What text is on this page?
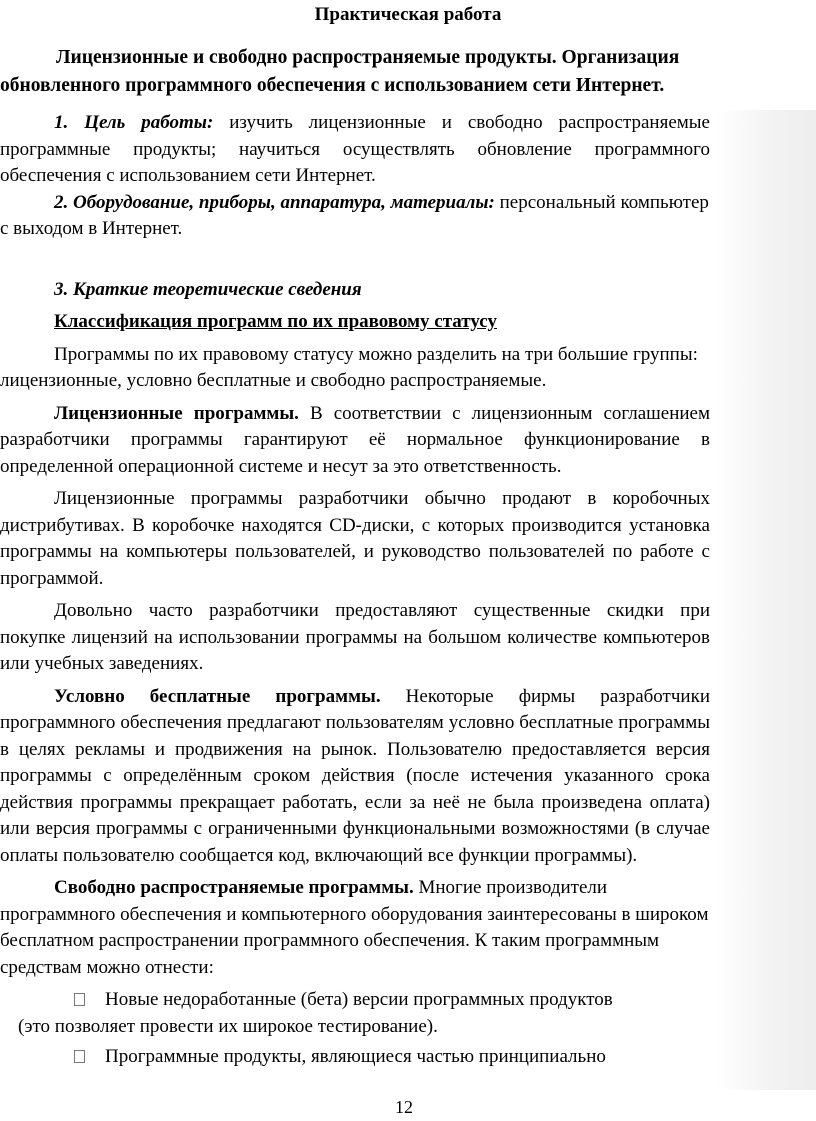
Практическая работа
Лицензионные и свободно распространяемые продукты. Организация обновленного программного обеспечения с использованием сети Интернет.

1. Цель работы: изучить лицензионные и свободно распространяемые программные продукты; научиться осуществлять обновление программного обеспечения с использованием сети Интернет.

2. Оборудование, приборы, аппаратура, материалы: персональный компьютер с выходом в Интернет.

3. Краткие теоретические сведения

Классификация программ по их правовому статусу

Программы по их правовому статусу можно разделить на три большие группы: лицензионные, условно бесплатные и свободно распространяемые.

Лицензионные программы. В соответствии с лицензионным соглашением разработчики программы гарантируют её нормальное функционирование в определенной операционной системе и несут за это ответственность.

Лицензионные программы разработчики обычно продают в коробочных дистрибутивах. В коробочке находятся CD-диски, с которых производится установка программы на компьютеры пользователей, и руководство пользователей по работе с программой.

Довольно часто разработчики предоставляют существенные скидки при покупке лицензий на использовании программы на большом количестве компьютеров или учебных заведениях.

Условно бесплатные программы. Некоторые фирмы разработчики программного обеспечения предлагают пользователям условно бесплатные программы в целях рекламы и продвижения на рынок. Пользователю предоставляется версия программы с определённым сроком действия (после истечения указанного срока действия программы прекращает работать, если за неё не была произведена оплата) или версия программы с ограниченными функциональными возможностями (в случае оплаты пользователю сообщается код, включающий все функции программы).

Свободно распространяемые программы. Многие производители программного обеспечения и компьютерного оборудования заинтересованы в широком бесплатном распространении программного обеспечения. К таким программным средствам можно отнести:

Новые недоработанные (бета) версии программных продуктов
(это позволяет провести их широкое тестирование).
Программные продукты, являющиеся частью принципиально
12
